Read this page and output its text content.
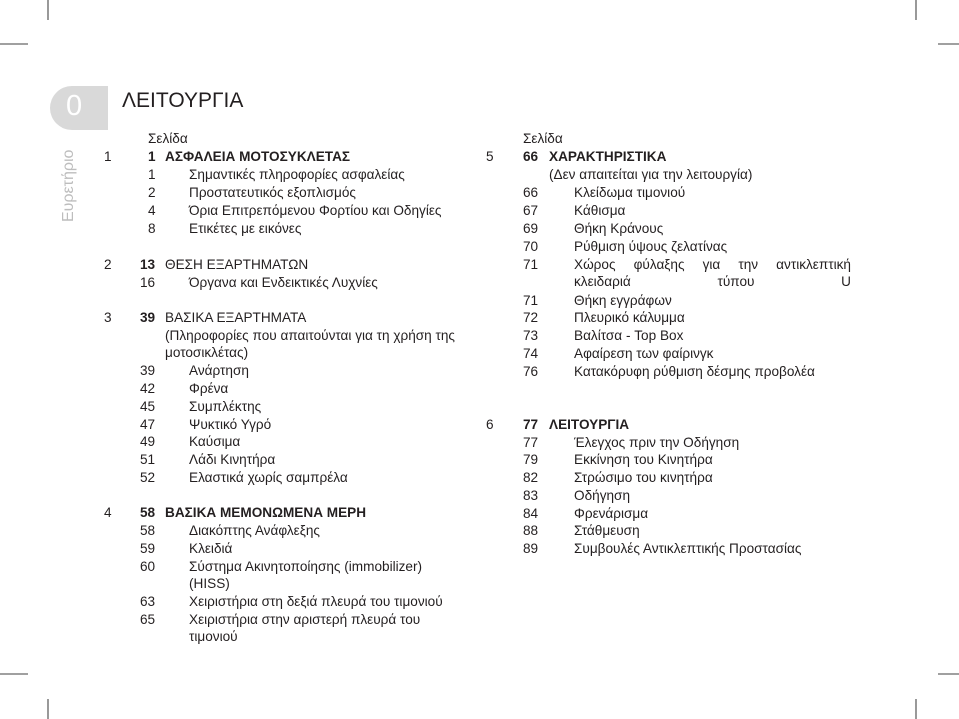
0 ΛΕΙΤΟΥΡΓΙΑ
Ευρετήριο
Σελίδα
1	1 ΑΣΦΑΛΕΙΑ ΜΟΤΟΣΥΚΛΕΤΑΣ
1 Σημαντικές πληροφορίες ασφαλείας
2 Προστατευτικός εξοπλισμός
4 Όρια Επιτρεπόμενου Φορτίου και Οδηγίες
8 Ετικέτες με εικόνες
2 13 ΘΕΣΗ ΕΞΑΡΤΗΜΑΤΩΝ
16 Όργανα και Ενδεικτικές Λυχνίες
3 39 ΒΑΣΙΚΑ ΕΞΑΡΤΗΜΑΤΑ
(Πληροφορίες που απαιτούνται για τη χρήση της μοτοσικλέτας)
39 Ανάρτηση
42 Φρένα
45 Συμπλέκτης
47 Ψυκτικό Υγρό
49 Καύσιμα
51 Λάδι Κινητήρα
52 Ελαστικά χωρίς σαμπρέλα
4 58 ΒΑΣΙΚΑ ΜΕΜΟΝΩΜΕΝΑ ΜΕΡΗ
58 Διακόπτης Ανάφλεξης
59 Κλειδιά
60 Σύστημα Ακινητοποίησης (immobilizer) (HISS)
63 Χειριστήρια στη δεξιά πλευρά του τιμονιού
65 Χειριστήρια στην αριστερή πλευρά του τιμονιού
Σελίδα
5 66 ΧΑΡΑΚΤΗΡΙΣΤΙΚΑ
(Δεν απαιτείται για την λειτουργία)
66	Κλείδωμα τιμονιού
67	Κάθισμα
69	Θήκη Κράνους
70	Ρύθμιση ύψους ζελατίνας
71	Χώρος φύλαξης για την αντικλεπτική κλειδαριά τύπου U
71	Θήκη εγγράφων
72	Πλευρικό κάλυμμα
73	Βαλίτσα - Top Box
74	Αφαίρεση των φαίρινγκ
76	Κατακόρυφη ρύθμιση δέσμης προβολέα
6 77 ΛΕΙΤΟΥΡΓΙΑ
77	Έλεγχος πριν την Οδήγηση
79	Εκκίνηση του Κινητήρα
82	Στρώσιμο του κινητήρα
83	Οδήγηση
84	Φρενάρισμα
88	Στάθμευση
89	Συμβουλές Αντικλεπτικής Προστασίας
